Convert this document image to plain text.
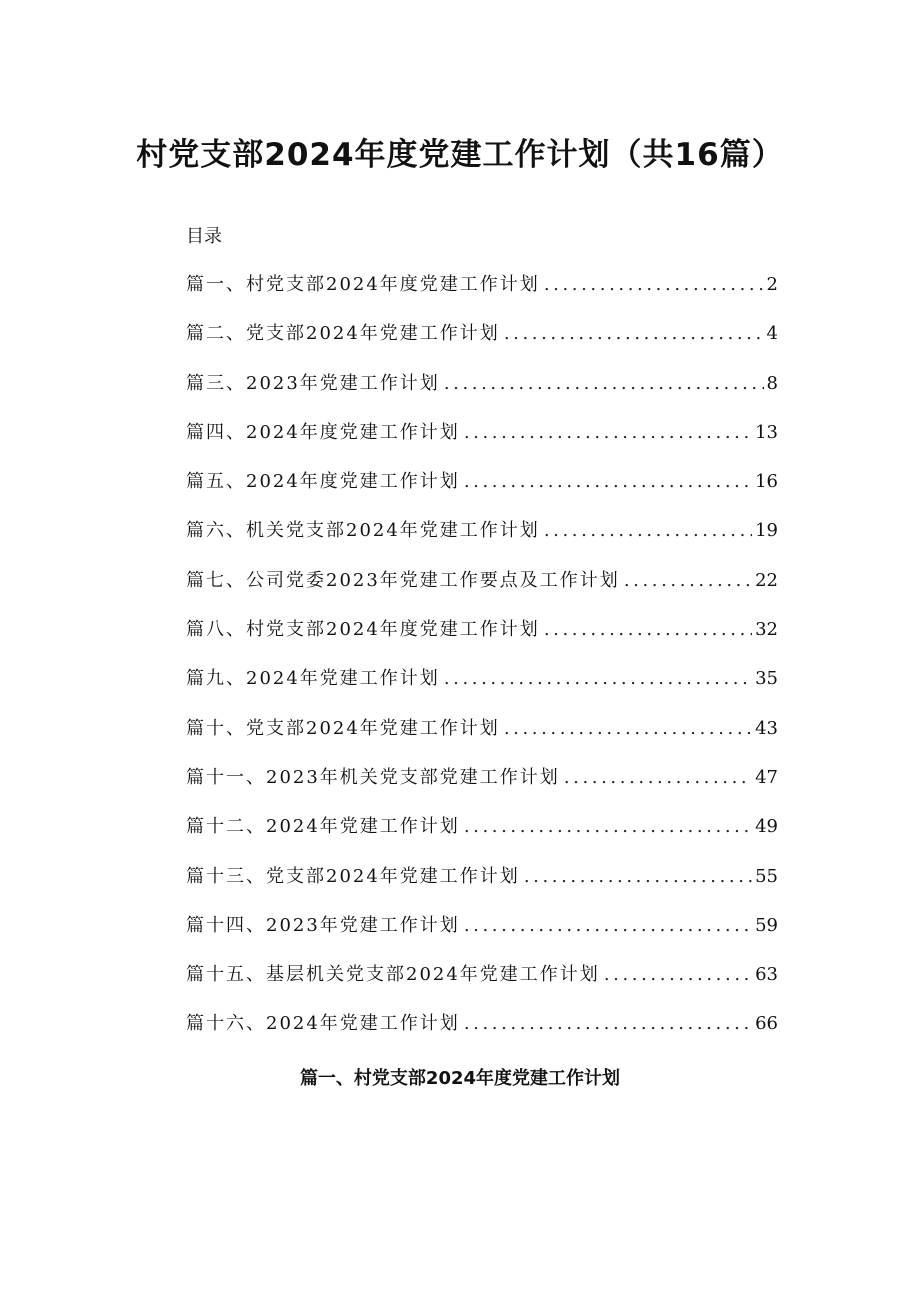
村党支部2024年度党建工作计划（共16篇）
目录
篇一、村党支部2024年度党建工作计划 .....	2
篇二、党支部2024年党建工作计划 .....	4
篇三、2023年党建工作计划 .....	8
篇四、2024年度党建工作计划 .....	13
篇五、2024年度党建工作计划 .....	16
篇六、机关党支部2024年党建工作计划 .....	19
篇七、公司党委2023年党建工作要点及工作计划 .....	22
篇八、村党支部2024年度党建工作计划 .....	32
篇九、2024年党建工作计划 .....	35
篇十、党支部2024年党建工作计划 .....	43
篇十一、2023年机关党支部党建工作计划 .....	47
篇十二、2024年党建工作计划 .....	49
篇十三、党支部2024年党建工作计划 .....	55
篇十四、2023年党建工作计划 .....	59
篇十五、基层机关党支部2024年党建工作计划 .....	63
篇十六、2024年党建工作计划 .....	66
篇一、村党支部2024年度党建工作计划
